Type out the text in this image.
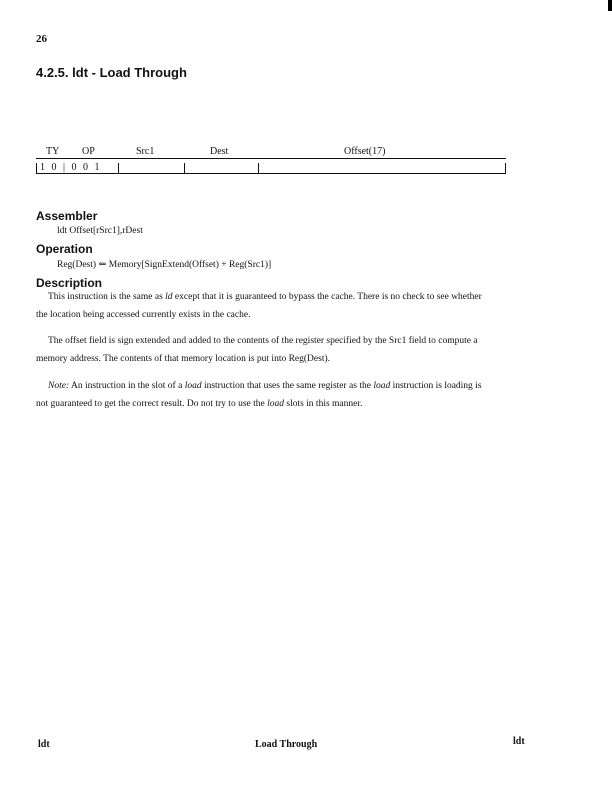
26
4.2.5. ldt - Load Through
TY OP	Src1	Dest	Offset(17)
1 0 | 0 0 1
Assembler
ldt Offset[rSrc1],rDest
Operation
Reg(Dest) ⇐ Memory[SignExtend(Offset) + Reg(Src1)]
Description
This instruction is the same as ld except that it is guaranteed to bypass the cache. There is no check to see whether
the location being accessed currently exists in the cache.
The offset field is sign extended and added to the contents of the register specified by the Src1 field to compute a
memory address. The contents of that memory location is put into Reg(Dest).
Note: An instruction in the slot of a load instruction that uses the same register as the load instruction is loading is
not guaranteed to get the correct result. Do not try to use the load slots in this manner.
ldt	Load Through	ldt
